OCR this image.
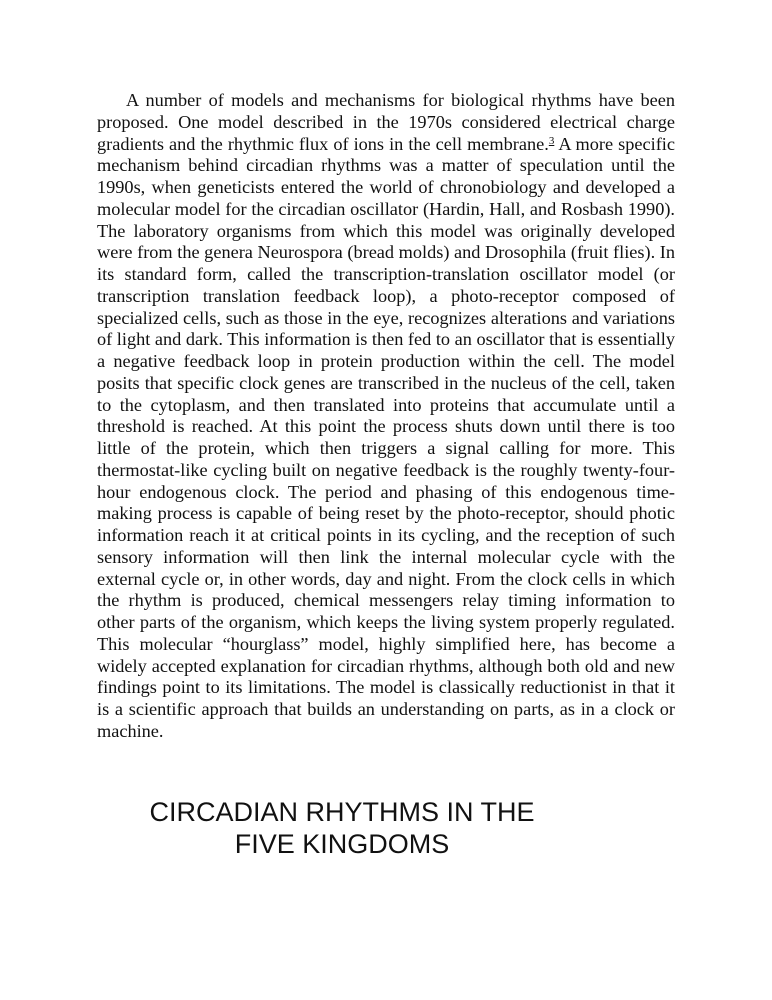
A number of models and mechanisms for biological rhythms have been proposed. One model described in the 1970s considered electrical charge gradients and the rhythmic flux of ions in the cell membrane.$^3$ A more specific mechanism behind circadian rhythms was a matter of speculation until the 1990s, when geneticists entered the world of chronobiology and developed a molecular model for the circadian oscillator (Hardin, Hall, and Rosbash 1990). The laboratory organisms from which this model was originally developed were from the genera Neurospora (bread molds) and Drosophila (fruit flies). In its standard form, called the transcription-translation oscillator model (or transcription translation feedback loop), a photo-receptor composed of specialized cells, such as those in the eye, recognizes alterations and variations of light and dark. This information is then fed to an oscillator that is essentially a negative feedback loop in protein production within the cell. The model posits that specific clock genes are transcribed in the nucleus of the cell, taken to the cytoplasm, and then translated into proteins that accumulate until a threshold is reached. At this point the process shuts down until there is too little of the protein, which then triggers a signal calling for more. This thermostat-like cycling built on negative feedback is the roughly twenty-four-hour endogenous clock. The period and phasing of this endogenous time-making process is capable of being reset by the photo-receptor, should photic information reach it at critical points in its cycling, and the reception of such sensory information will then link the internal molecular cycle with the external cycle or, in other words, day and night. From the clock cells in which the rhythm is produced, chemical messengers relay timing information to other parts of the organism, which keeps the living system properly regulated. This molecular “hourglass” model, highly simplified here, has become a widely accepted explanation for circadian rhythms, although both old and new findings point to its limitations. The model is classically reductionist in that it is a scientific approach that builds an understanding on parts, as in a clock or machine.

CIRCADIAN RHYTHMS IN THE
FIVE KINGDOMS
